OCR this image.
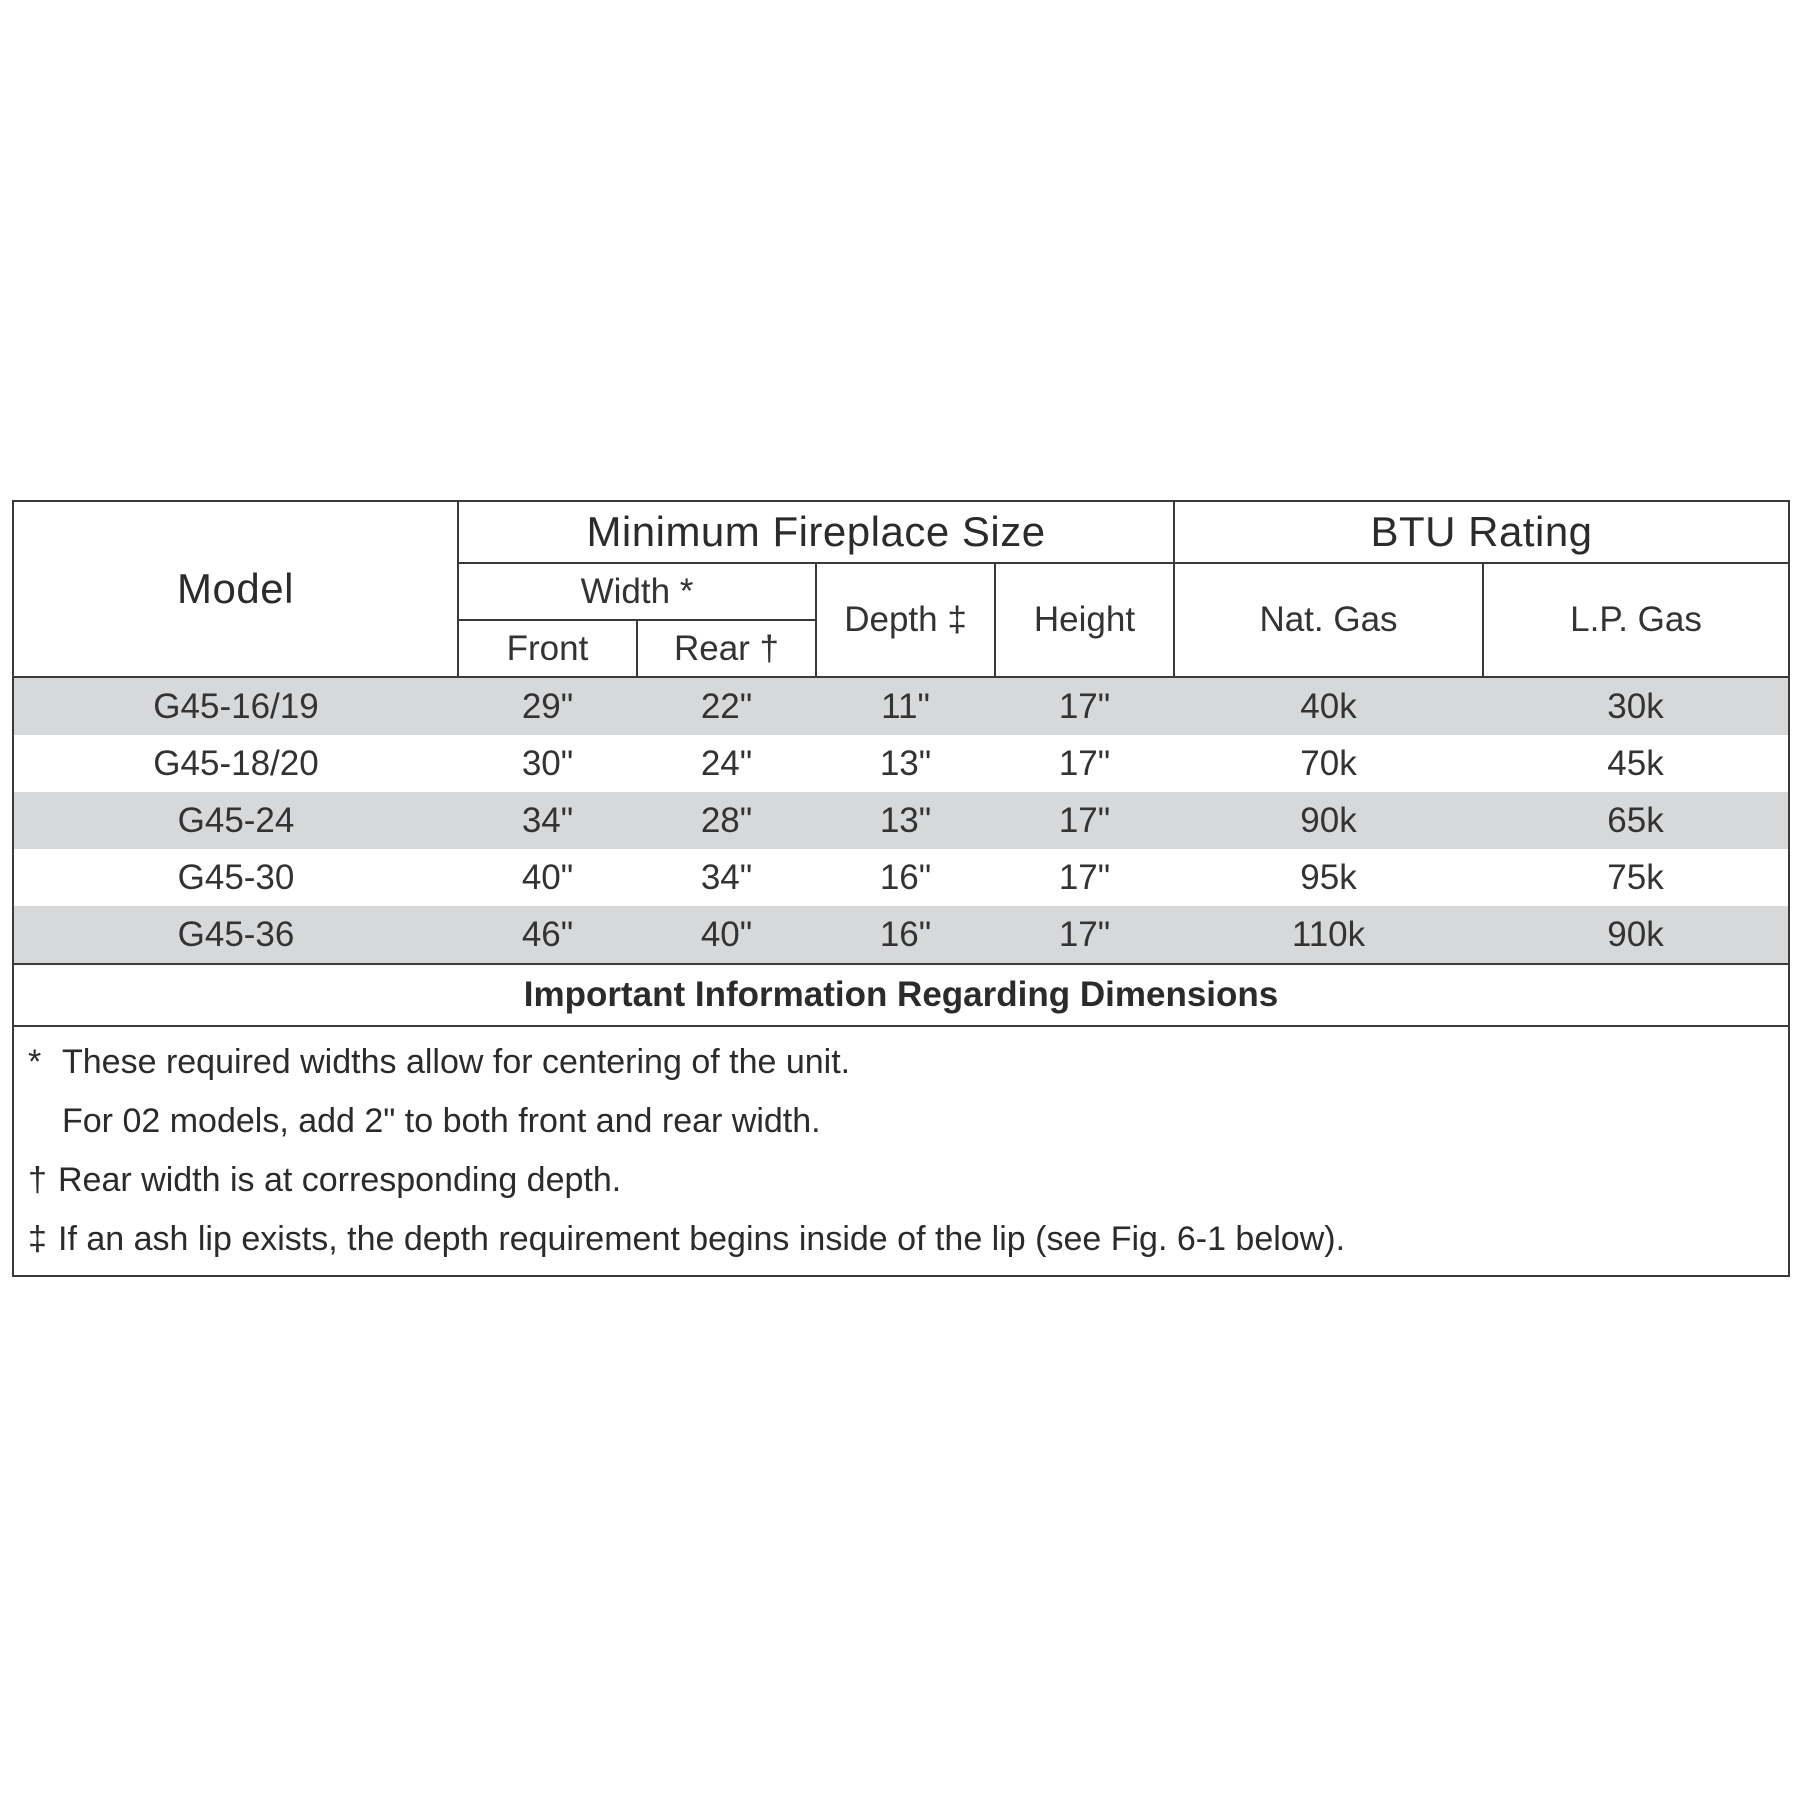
Model	Minimum Fireplace Size				BTU Rating	
	Width *		Depth ‡	Height	Nat. Gas	L.P. Gas
	Front	Rear †				
G45-16/19	29"	22"	11"	17"	40k	30k
G45-18/20	30"	24"	13"	17"	70k	45k
G45-24	34"	28"	13"	17"	90k	65k
G45-30	40"	34"	16"	17"	95k	75k
G45-36	46"	40"	16"	17"	110k	90k
Important Information Regarding Dimensions
* These required widths allow for centering of the unit.
For 02 models, add 2" to both front and rear width.
† Rear width is at corresponding depth.
‡ If an ash lip exists, the depth requirement begins inside of the lip (see Fig. 6-1 below).
